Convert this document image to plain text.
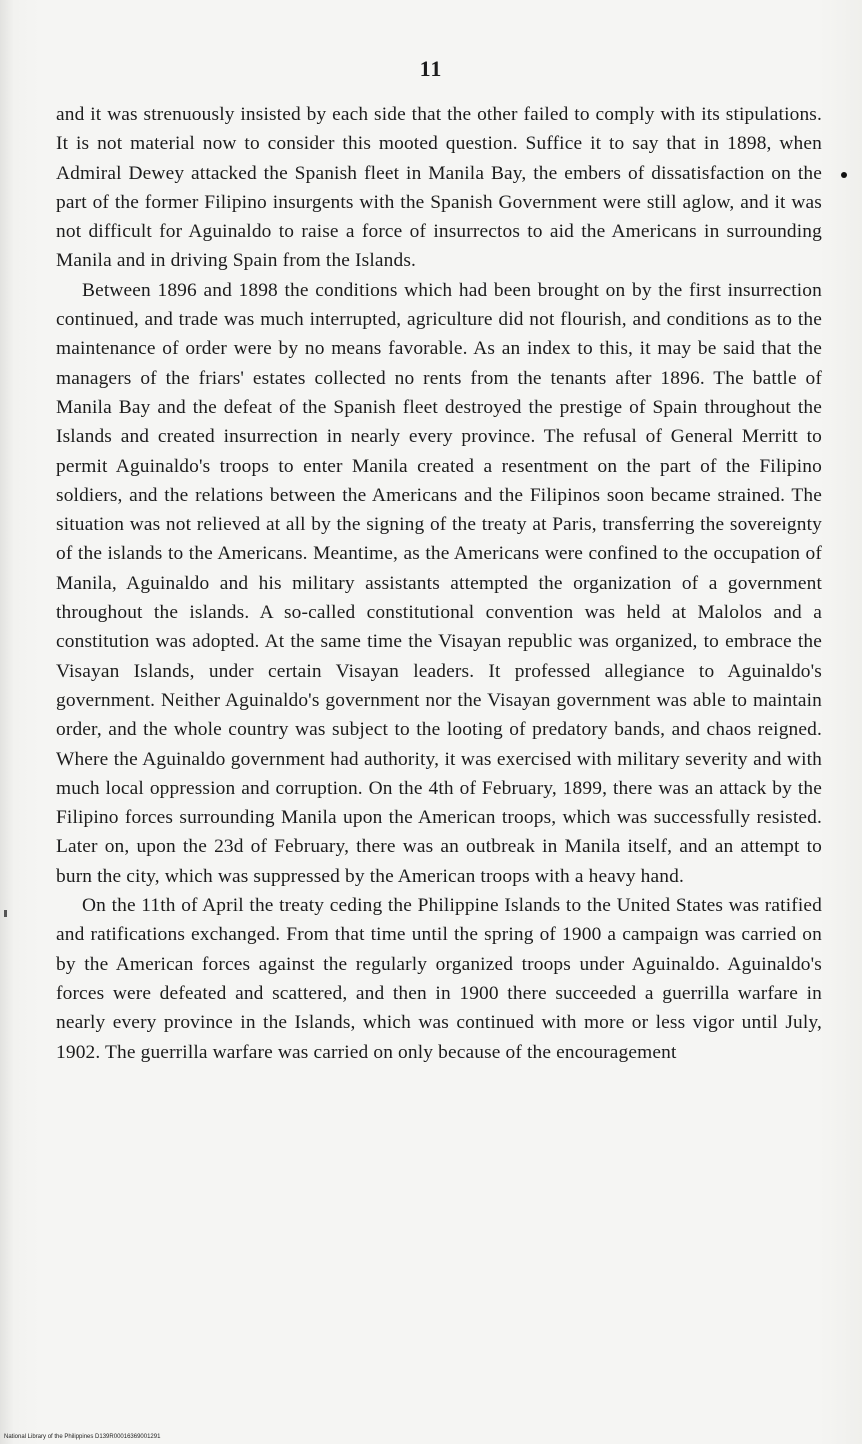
11

and it was strenuously insisted by each side that the other failed to comply with its stipulations. It is not material now to consider this mooted question. Suffice it to say that in 1898, when Admiral Dewey attacked the Spanish fleet in Manila Bay, the embers of dissatisfaction on the part of the former Filipino insurgents with the Spanish Government were still aglow, and it was not difficult for Aguinaldo to raise a force of insurrectos to aid the Americans in surrounding Manila and in driving Spain from the Islands.

Between 1896 and 1898 the conditions which had been brought on by the first insurrection continued, and trade was much interrupted, agriculture did not flourish, and conditions as to the maintenance of order were by no means favorable. As an index to this, it may be said that the managers of the friars' estates collected no rents from the tenants after 1896. The battle of Manila Bay and the defeat of the Spanish fleet destroyed the prestige of Spain throughout the Islands and created insurrection in nearly every province. The refusal of General Merritt to permit Aguinaldo's troops to enter Manila created a resentment on the part of the Filipino soldiers, and the relations between the Americans and the Filipinos soon became strained. The situation was not relieved at all by the signing of the treaty at Paris, transferring the sovereignty of the islands to the Americans. Meantime, as the Americans were confined to the occupation of Manila, Aguinaldo and his military assistants attempted the organization of a government throughout the islands. A so-called constitutional convention was held at Malolos and a constitution was adopted. At the same time the Visayan republic was organized, to embrace the Visayan Islands, under certain Visayan leaders. It professed allegiance to Aguinaldo's government. Neither Aguinaldo's government nor the Visayan government was able to maintain order, and the whole country was subject to the looting of predatory bands, and chaos reigned. Where the Aguinaldo government had authority, it was exercised with military severity and with much local oppression and corruption. On the 4th of February, 1899, there was an attack by the Filipino forces surrounding Manila upon the American troops, which was successfully resisted. Later on, upon the 23d of February, there was an outbreak in Manila itself, and an attempt to burn the city, which was suppressed by the American troops with a heavy hand.

On the 11th of April the treaty ceding the Philippine Islands to the United States was ratified and ratifications exchanged. From that time until the spring of 1900 a campaign was carried on by the American forces against the regularly organized troops under Aguinaldo. Aguinaldo's forces were defeated and scattered, and then in 1900 there succeeded a guerrilla warfare in nearly every province in the Islands, which was continued with more or less vigor until July, 1902. The guerrilla warfare was carried on only because of the encouragement

National Library of the Philippines D139R00016369001291
